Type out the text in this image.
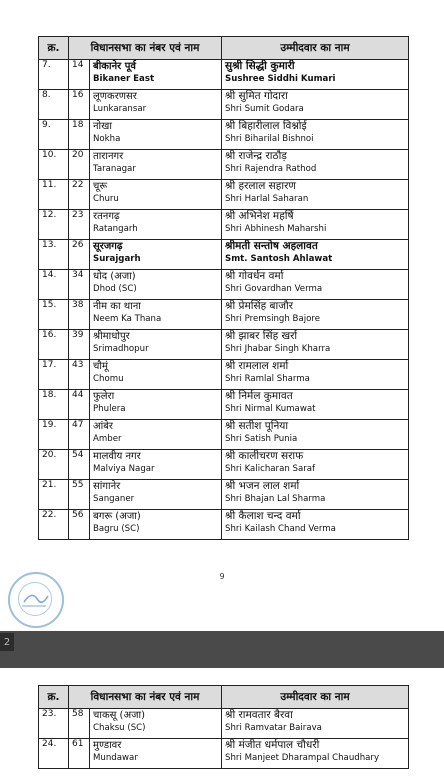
क्र.	विधानसभा का नंबर एवं नाम		उम्मीदवार का नाम
7.	14	बीकानेर पूर्व
Bikaner East	सुश्री सिद्धी कुमारी
Sushree Siddhi Kumari

8.	16	लूणकरणसर
Lunkaransar	श्री सुमित गोदारा
Shri Sumit Godara

9.	18	नोखा
Nokha	श्री बिहारीलाल विश्नोई
Shri Biharilal Bishnoi

10.	20	तारानगर
Taranagar	श्री राजेन्द्र राठौड़
Shri Rajendra Rathod

11.	22	चूरू
Churu	श्री हरलाल सहारण
Shri Harlal Saharan

12.	23	रतनगढ़
Ratangarh	श्री अभिनेश महर्षि
Shri Abhinesh Maharshi

13.	26	सूरजगढ़
Surajgarh	श्रीमती सन्तोष अहलावत
Smt. Santosh Ahlawat

14.	34	धोद (अजा)
Dhod (SC)	श्री गोवर्धन वर्मा
Shri Govardhan Verma

15.	38	नीम का थाना
Neem Ka Thana	श्री प्रेमसिंह बाजौर
Shri Premsingh Bajore

16.	39	श्रीमाधोपुर
Srimadhopur	श्री झाबर सिंह खर्रा
Shri Jhabar Singh Kharra

17.	43	चौमूं
Chomu	श्री रामलाल शर्मा
Shri Ramlal Sharma

18.	44	फुलेरा
Phulera	श्री निर्मल कुमावत
Shri Nirmal Kumawat

19.	47	आंबेर
Amber	श्री सतीश पूनिया
Shri Satish Punia

20.	54	मालवीय नगर
Malviya Nagar	श्री कालीचरण सराफ
Shri Kalicharan Saraf

21.	55	सांगानेर
Sanganer	श्री भजन लाल शर्मा
Shri Bhajan Lal Sharma

22.	56	बगरू (अजा)
Bagru (SC)	श्री कैलाश चन्द वर्मा
Shri Kailash Chand Verma
9
2
क्र.	विधानसभा का नंबर एवं नाम		उम्मीदवार का नाम
23.	58	चाकसू (अजा)
Chaksu (SC)	श्री रामवतार बैरवा
Shri Ramvatar Bairava

24.	61	मुण्डावर
Mundawar	श्री मंजीत धर्मपाल चौधरी
Shri Manjeet Dharampal Chaudhary
